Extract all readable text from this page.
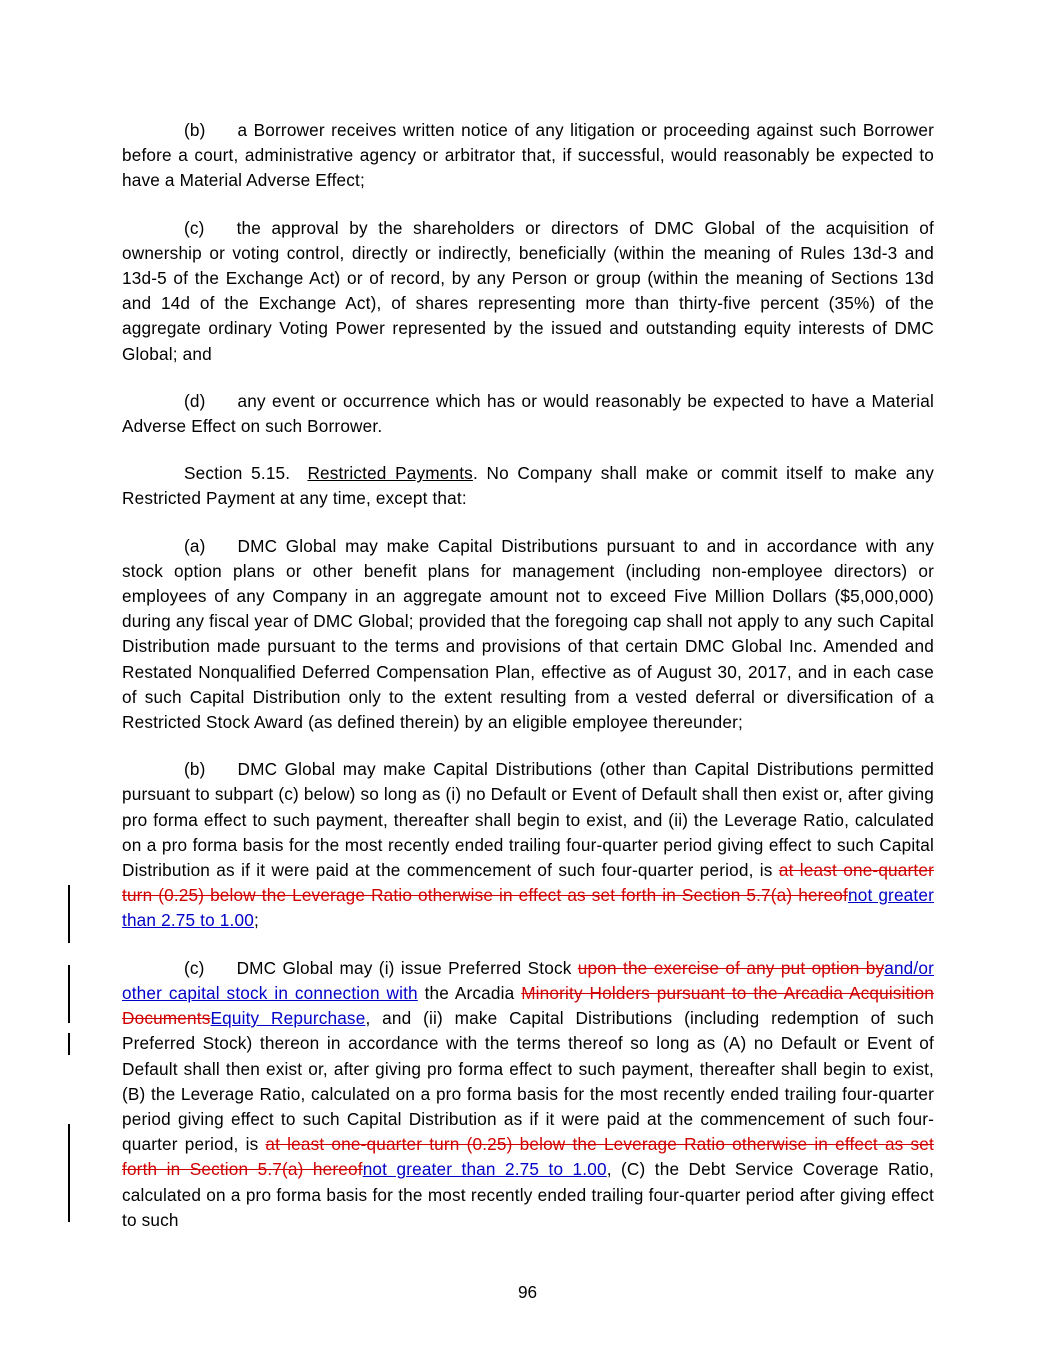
(b) a Borrower receives written notice of any litigation or proceeding against such Borrower before a court, administrative agency or arbitrator that, if successful, would reasonably be expected to have a Material Adverse Effect;

(c) the approval by the shareholders or directors of DMC Global of the acquisition of ownership or voting control, directly or indirectly, beneficially (within the meaning of Rules 13d-3 and 13d-5 of the Exchange Act) or of record, by any Person or group (within the meaning of Sections 13d and 14d of the Exchange Act), of shares representing more than thirty-five percent (35%) of the aggregate ordinary Voting Power represented by the issued and outstanding equity interests of DMC Global; and

(d) any event or occurrence which has or would reasonably be expected to have a Material Adverse Effect on such Borrower.

Section 5.15. Restricted Payments. No Company shall make or commit itself to make any Restricted Payment at any time, except that:

(a) DMC Global may make Capital Distributions pursuant to and in accordance with any stock option plans or other benefit plans for management (including non-employee directors) or employees of any Company in an aggregate amount not to exceed Five Million Dollars ($5,000,000) during any fiscal year of DMC Global; provided that the foregoing cap shall not apply to any such Capital Distribution made pursuant to the terms and provisions of that certain DMC Global Inc. Amended and Restated Nonqualified Deferred Compensation Plan, effective as of August 30, 2017, and in each case of such Capital Distribution only to the extent resulting from a vested deferral or diversification of a Restricted Stock Award (as defined therein) by an eligible employee thereunder;

(b) DMC Global may make Capital Distributions (other than Capital Distributions permitted pursuant to subpart (c) below) so long as (i) no Default or Event of Default shall then exist or, after giving pro forma effect to such payment, thereafter shall begin to exist, and (ii) the Leverage Ratio, calculated on a pro forma basis for the most recently ended trailing four-quarter period giving effect to such Capital Distribution as if it were paid at the commencement of such four-quarter period, is at least one-quarter turn (0.25) below the Leverage Ratio otherwise in effect as set forth in Section 5.7(a) hereofnot greater than 2.75 to 1.00;

(c) DMC Global may (i) issue Preferred Stock upon the exercise of any put option byand/or other capital stock in connection with the Arcadia Minority Holders pursuant to the Arcadia Acquisition DocumentsEquity Repurchase, and (ii) make Capital Distributions (including redemption of such Preferred Stock) thereon in accordance with the terms thereof so long as (A) no Default or Event of Default shall then exist or, after giving pro forma effect to such payment, thereafter shall begin to exist, (B) the Leverage Ratio, calculated on a pro forma basis for the most recently ended trailing four-quarter period giving effect to such Capital Distribution as if it were paid at the commencement of such four-quarter period, is at least one-quarter turn (0.25) below the Leverage Ratio otherwise in effect as set forth in Section 5.7(a) hereofnot greater than 2.75 to 1.00, (C) the Debt Service Coverage Ratio, calculated on a pro forma basis for the most recently ended trailing four-quarter period after giving effect to such

96
